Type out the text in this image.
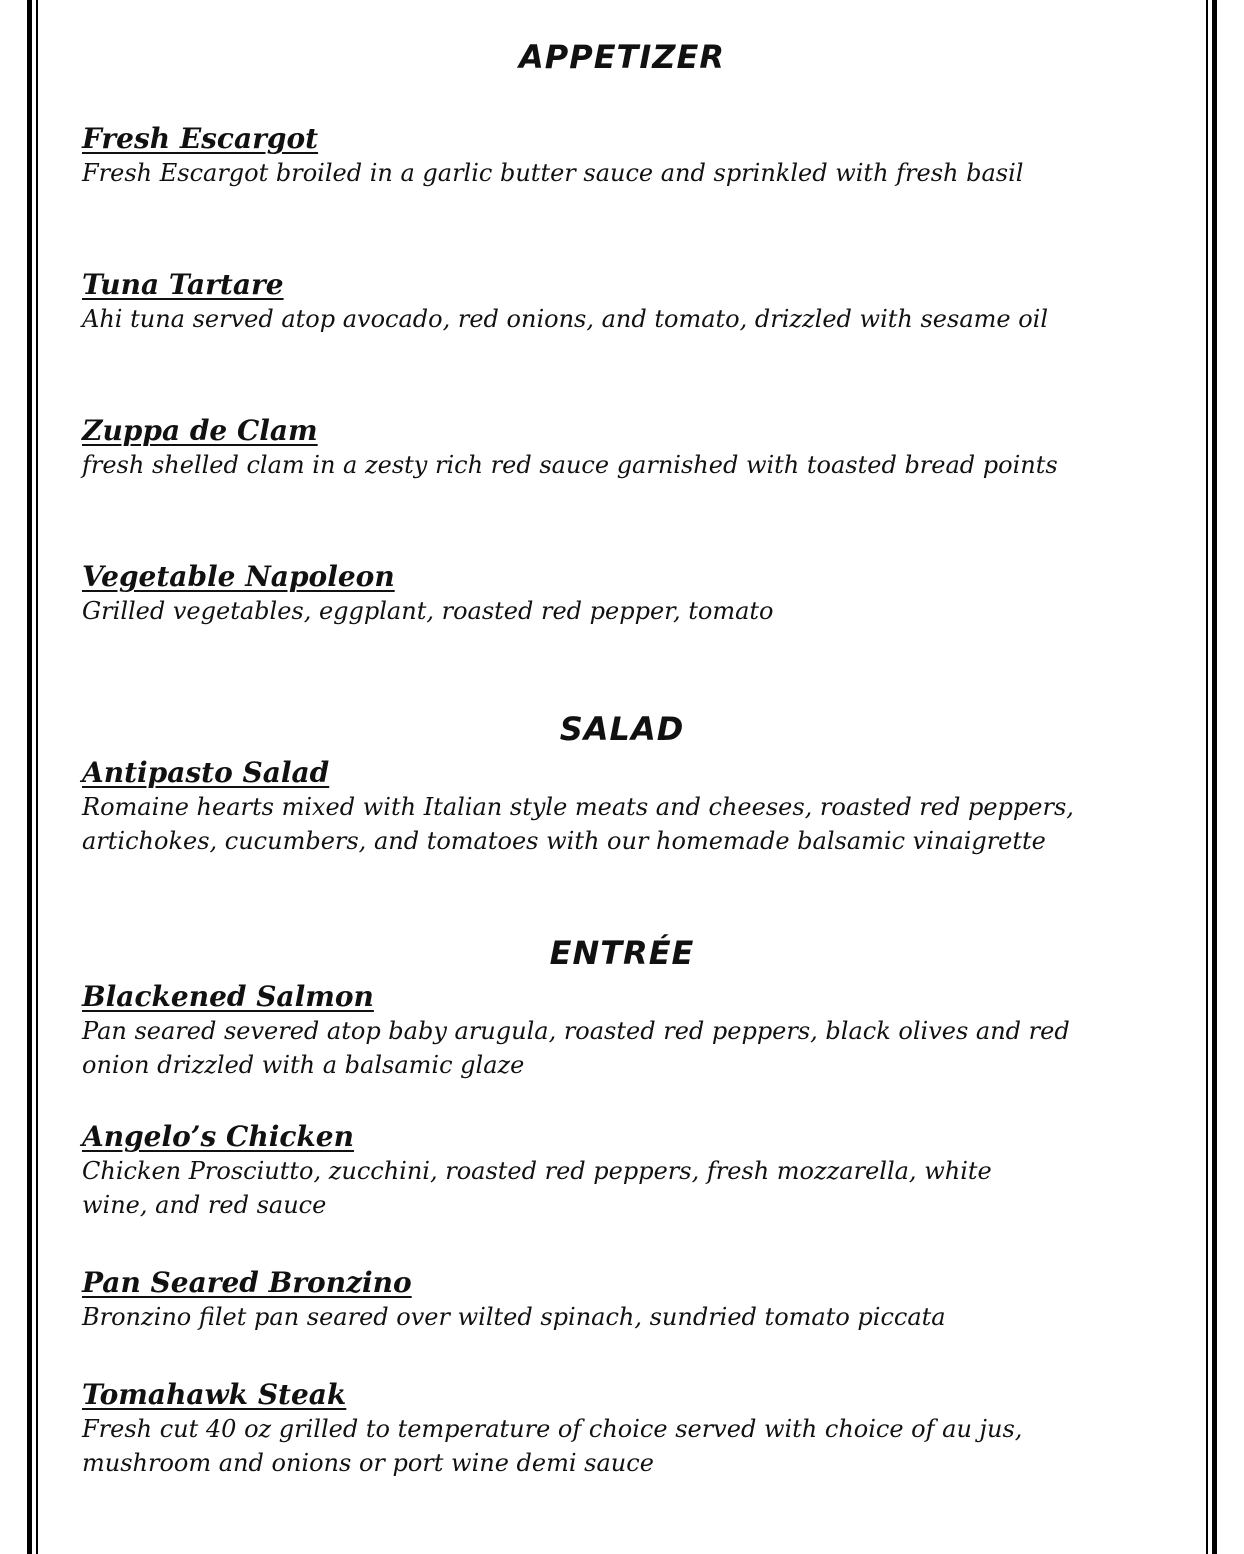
APPETIZER

Fresh Escargot

Fresh Escargot broiled in a garlic butter sauce and sprinkled with fresh basil

Tuna Tartare

Ahi tuna served atop avocado, red onions, and tomato, drizzled with sesame oil

Zuppa de Clam

fresh shelled clam in a zesty rich red sauce garnished with toasted bread points

Vegetable Napoleon

Grilled vegetables, eggplant, roasted red pepper, tomato

SALAD

Antipasto Salad

Romaine hearts mixed with Italian style meats and cheeses, roasted red peppers, artichokes, cucumbers, and tomatoes with our homemade balsamic vinaigrette

ENTRÉE

Blackened Salmon

Pan seared severed atop baby arugula, roasted red peppers, black olives and red onion drizzled with a balsamic glaze

Angelo’s Chicken

Chicken Prosciutto, zucchini, roasted red peppers, fresh mozzarella, white wine, and red sauce

Pan Seared Bronzino

Bronzino filet pan seared over wilted spinach, sundried tomato piccata

Tomahawk Steak

Fresh cut 40 oz grilled to temperature of choice served with choice of au jus, mushroom and onions or port wine demi sauce
